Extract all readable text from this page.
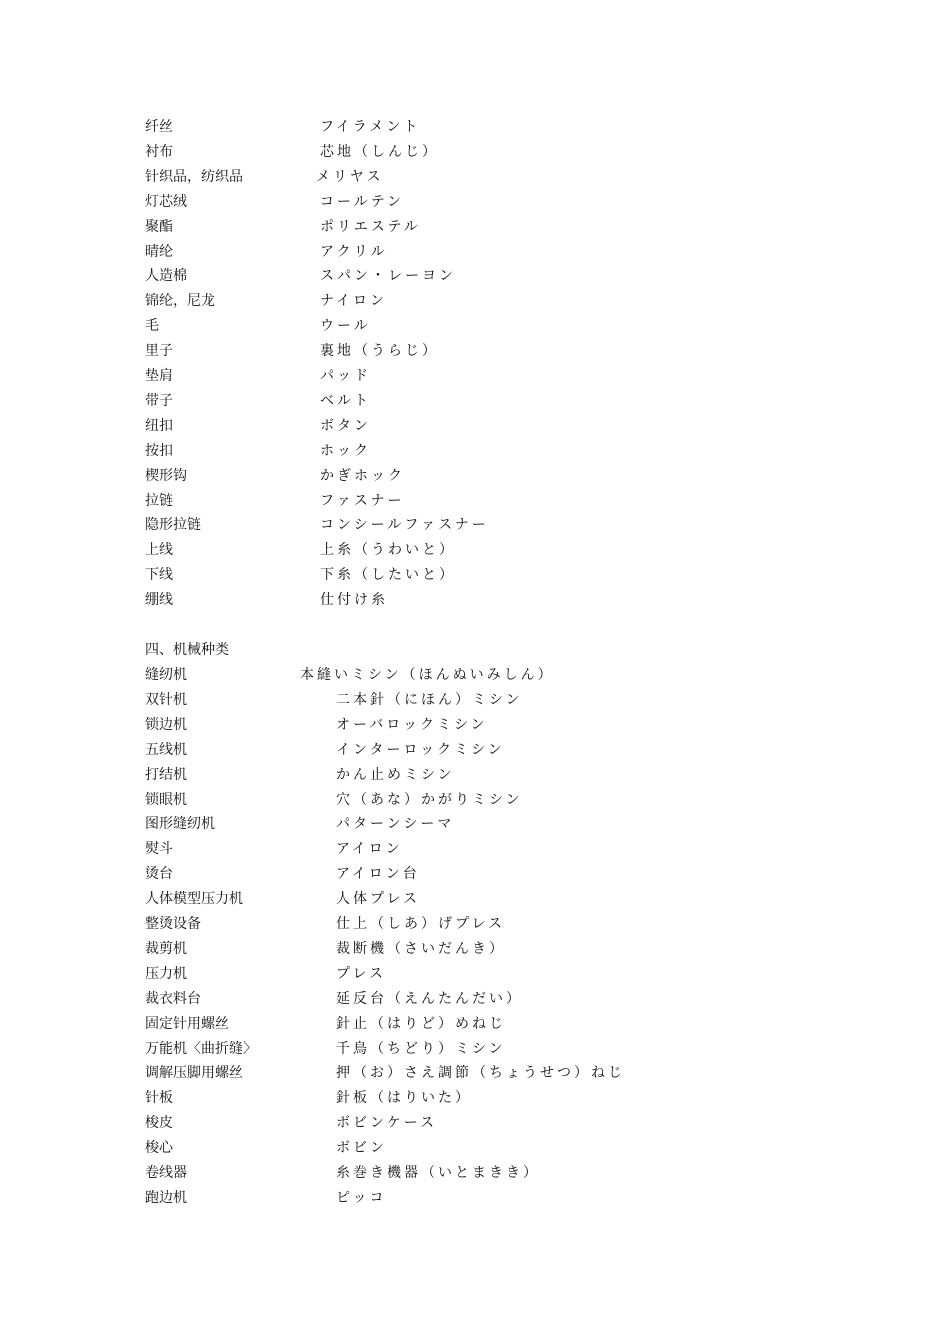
纤丝	フイラメント
衬布	芯地（しんじ）
针织品，纺织品	メリヤス
灯芯绒	コールテン
聚酯	ポリエステル
晴纶	アクリル
人造棉	スパン・レーヨン
锦纶，尼龙	ナイロン
毛	ウール
里子	裏地（うらじ）
垫肩	パッド
带子	ベルト
纽扣	ボタン
按扣	ホック
楔形钩	かぎホック
拉链	ファスナー
隐形拉链	コンシールファスナー
上线	上糸（うわいと）
下线	下糸（したいと）
绷线	仕付け糸
四、机械种类
缝纫机	本縫いミシン（ほんぬいみしん）
双针机	二本針（にほん）ミシン
锁边机	オーバロックミシン
五线机	インターロックミシン
打结机	かん止めミシン
锁眼机	穴（あな）かがりミシン
图形缝纫机	パターンシーマ
熨斗	アイロン
烫台	アイロン台
人体模型压力机	人体プレス
整烫设备	仕上（しあ）げプレス
裁剪机	裁断機（さいだんき）
压力机	プレス
裁衣料台	延反台（えんたんだい）
固定针用螺丝	針止（はりど）めねじ
万能机〈曲折缝〉	千鳥（ちどり）ミシン
调解压脚用螺丝	押（お）さえ調節（ちょうせつ）ねじ
针板	針板（はりいた）
梭皮	ボビンケース
梭心	ボビン
卷线器	糸巻き機器（いとまきき）
跑边机	ピッコ
